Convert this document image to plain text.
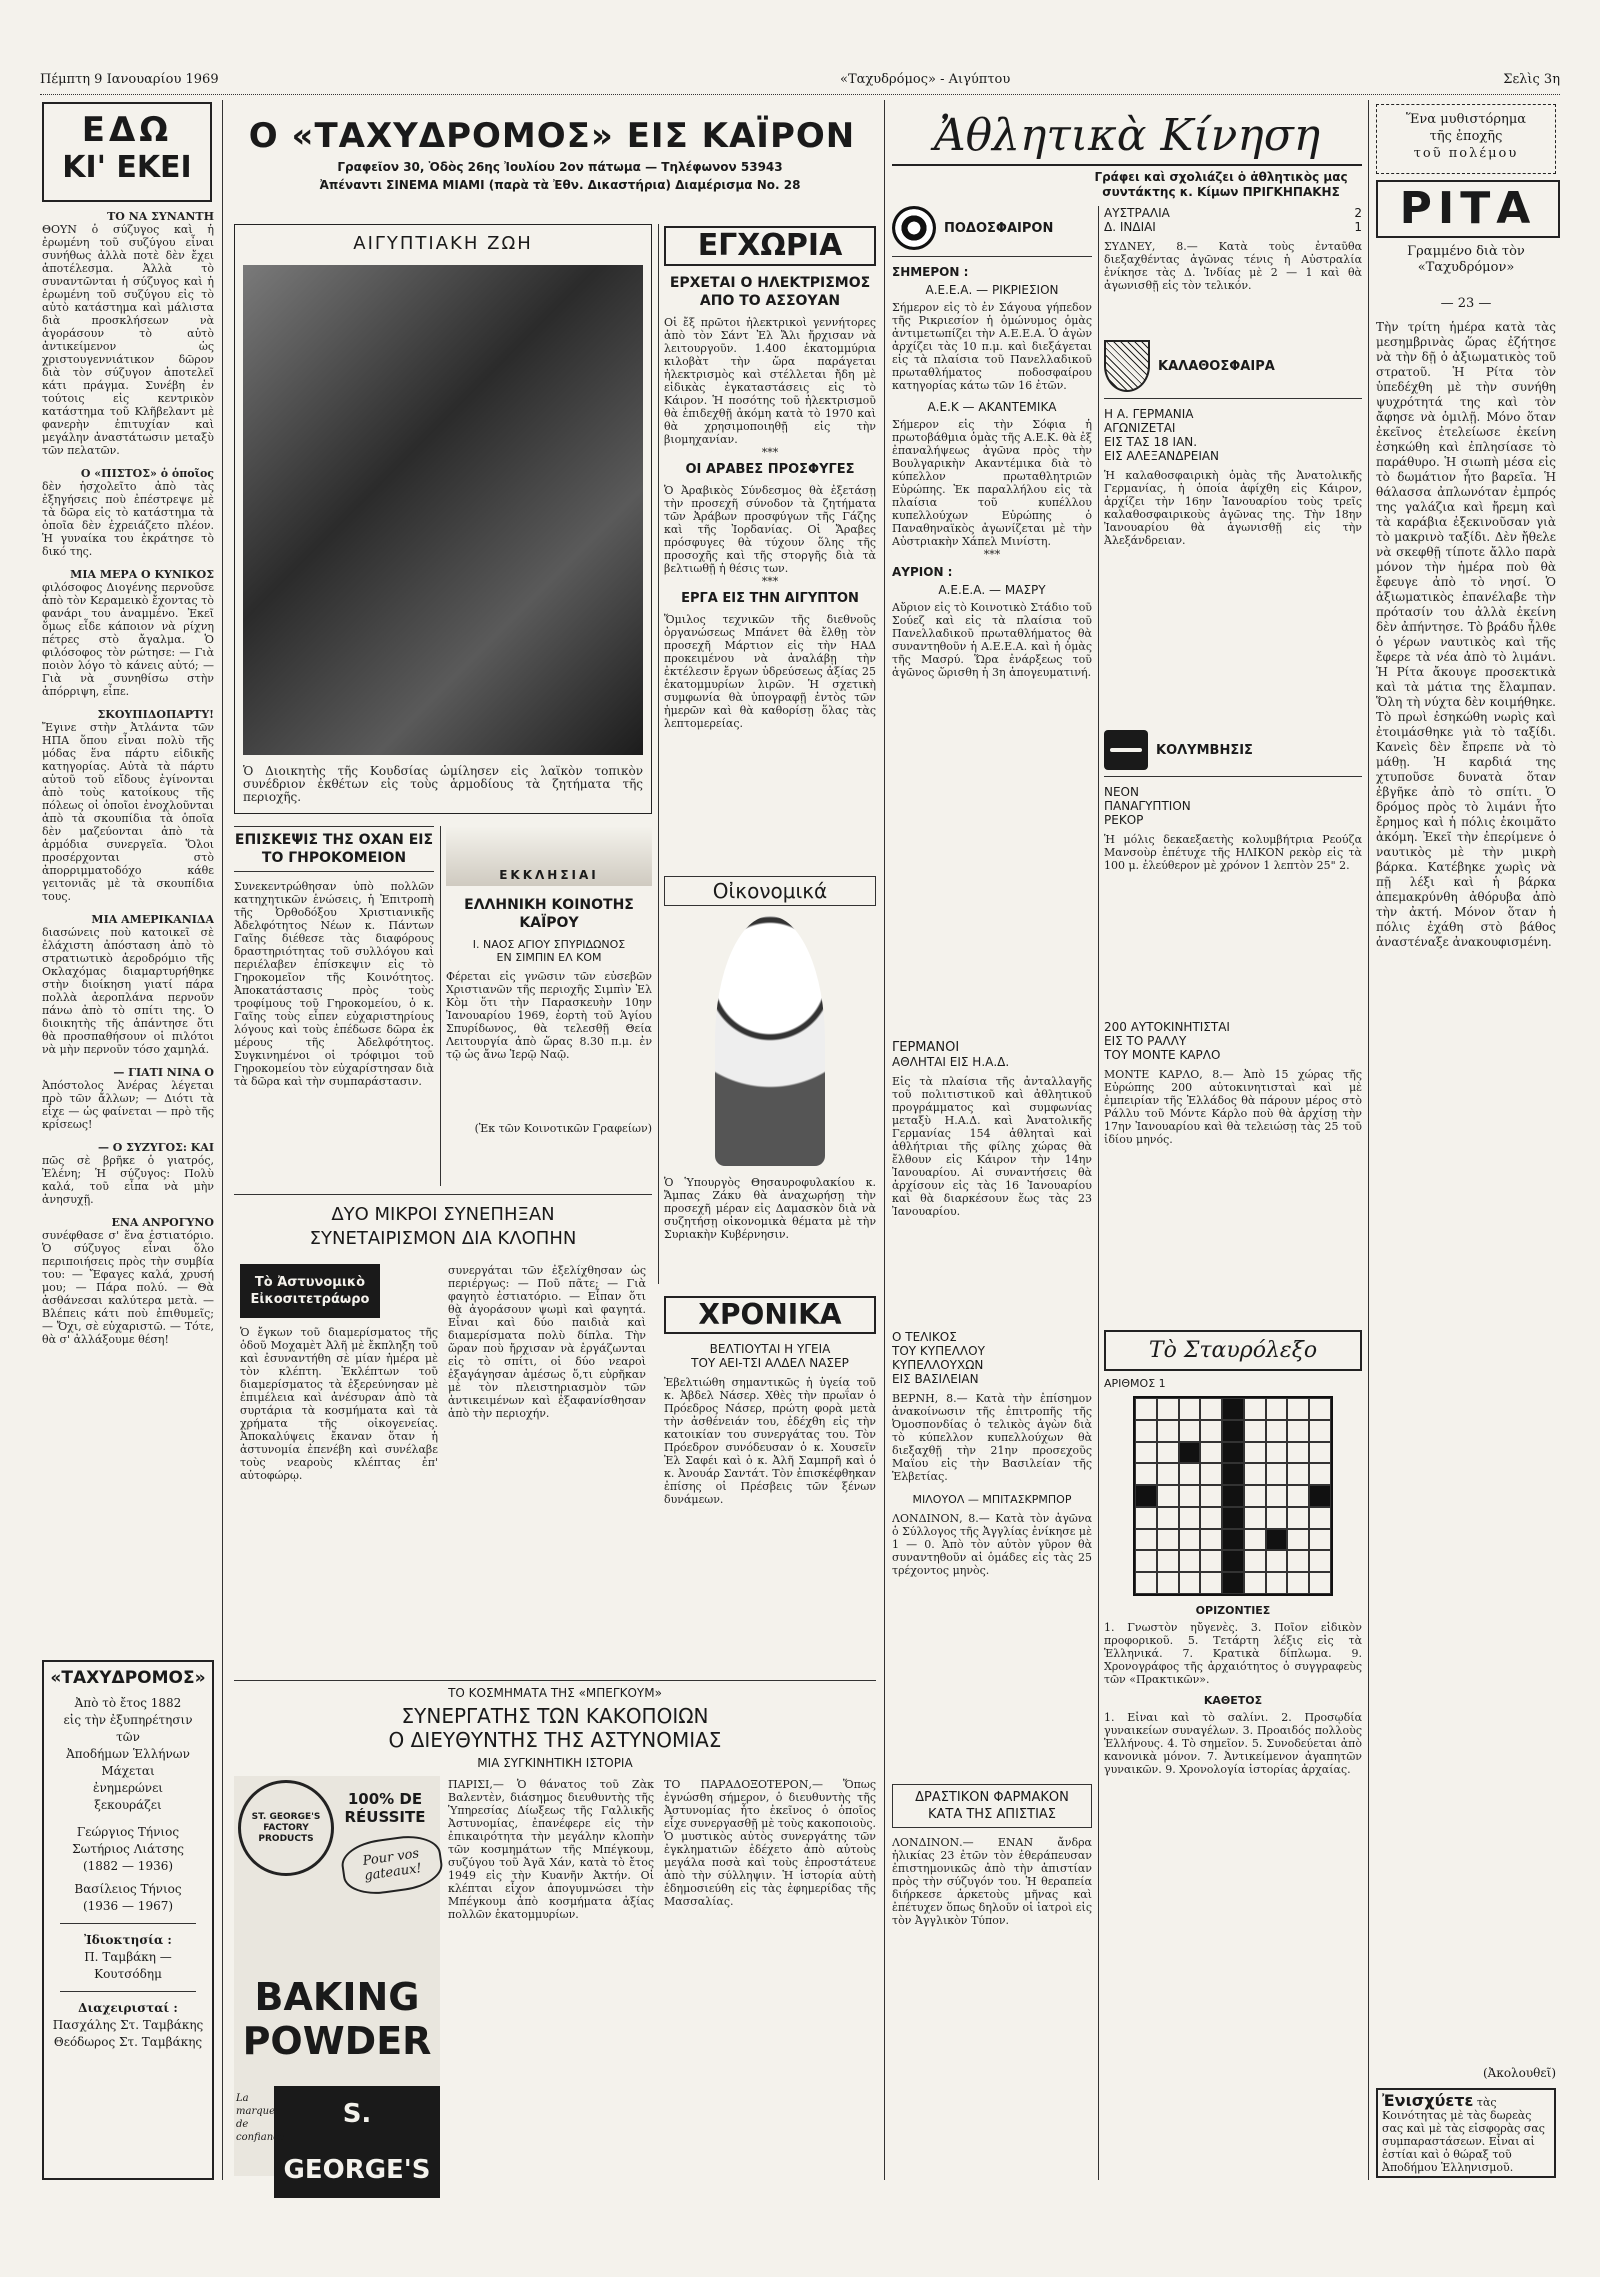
Πέμπτη 9 Ιανουαρίου 1969	«Ταχυδρόμος» - Αιγύπτου	Σελὶς 3η
ΕΔΩ
ΚΙ' ΕΚΕΙ
ΤΟ ΝΑ ΣΥΝΑΝΤΗ
ΘΟΥΝ ὁ σύζυγος καὶ ἡ ἐρωμένη τοῦ συζύγου εἶναι συνήθως ἀλλὰ ποτὲ δὲν ἔχει ἀποτέλεσμα. Ἀλλὰ τὸ συναντῶνται ἡ σύζυγος καὶ ἡ ἐρωμένη τοῦ συζύγου εἰς τὸ αὐτὸ κατάστημα καὶ μάλιστα διὰ προσκλήσεων νὰ ἀγοράσουν τὸ αὐτὸ ἀντικείμενον ὡς χριστουγεννιάτικον δῶρον διὰ τὸν σύζυγον ἀποτελεῖ κάτι πράγμα. Συνέβη ἐν τούτοις εἰς κεντρικὸν κατάστημα τοῦ Κλῆβελαντ μὲ φανερὴν ἐπιτυχίαν καὶ μεγάλην ἀναστάτωσιν μεταξὺ τῶν πελατῶν.
Ο «ΠΙΣΤΟΣ» ὁ ὁποῖος
δὲν ἠσχολεῖτο ἀπὸ τὰς ἐξηγήσεις ποὺ ἐπέστρεψε μὲ τὰ δῶρα εἰς τὸ κατάστημα τὰ ὁποῖα δὲν ἐχρειάζετο πλέον. Ἡ γυναίκα του ἐκράτησε τὸ δικό της.
ΜΙΑ ΜΕΡΑ Ο ΚΥΝΙΚΟΣ
φιλόσοφος Διογένης περνοῦσε ἀπὸ τὸν Κεραμεικὸ ἔχοντας τὸ φανάρι του ἀναμμένο. Ἐκεῖ ὅμως εἶδε κάποιον νὰ ρίχνη πέτρες στὸ ἄγαλμα. Ὁ φιλόσοφος τὸν ρώτησε: — Γιὰ ποιὸν λόγο τὸ κάνεις αὐτό; — Γιὰ νὰ συνηθίσω στὴν ἀπόρριψη, εἶπε.
ΣΚΟΥΠΙΔΟΠΑΡΤΥ!
Ἔγινε στὴν Ἀτλάντα τῶν ΗΠΑ ὅπου εἶναι πολὺ τῆς μόδας ἕνα πάρτυ εἰδικῆς κατηγορίας. Αὐτὰ τὰ πάρτυ αὐτοῦ τοῦ εἴδους ἐγίνονται ἀπὸ τοὺς κατοίκους τῆς πόλεως οἱ ὁποῖοι ἐνοχλοῦνται ἀπὸ τὰ σκουπίδια τὰ ὁποῖα δὲν μαζεύονται ἀπὸ τὰ ἁρμόδια συνεργεῖα. Ὅλοι προσέρχονται στὸ ἀπορριμματοδόχο κάθε γειτονιᾶς μὲ τὰ σκουπίδια τους.
ΜΙΑ ΑΜΕΡΙΚΑΝΙΔΑ
διασώνεις ποὺ κατοικεῖ σὲ ἐλάχιστη ἀπόσταση ἀπὸ τὸ στρατιωτικὸ ἀεροδρόμιο τῆς Οκλαχόμας διαμαρτυρήθηκε στὴν διοίκηση γιατί πάρα πολλὰ ἀεροπλάνα περνοῦν πάνω ἀπὸ τὸ σπίτι της. Ὁ διοικητὴς τῆς ἀπάντησε ὅτι θὰ προσπαθήσουν οἱ πιλότοι νὰ μὴν περνοῦν τόσο χαμηλά.
— ΓΙΑΤΙ ΝΙΝΑ Ο
Ἀπόστολος Ἀνέρας λέγεται πρὸ τῶν ἄλλων; — Διότι τὰ εἶχε — ὡς φαίνεται — πρὸ τῆς κρίσεως!
— Ο ΣΥΖΥΓΟΣ: ΚΑΙ
πῶς σὲ βρῆκε ὁ γιατρός, Ἐλένη; Ἡ σύζυγος: Πολὺ καλά, τοῦ εἶπα νὰ μὴν ἀνησυχῇ.
ΕΝΑ ΑΝΡΟΓΥΝΟ
συνέφθασε σ' ἕνα ἑστιατόριο. Ὁ σύζυγος εἶναι ὅλο περιποιήσεις πρὸς τὴν συμβία του: — Ἔφαγες καλά, χρυσή μου; — Πάρα πολύ. — Θὰ ἀσθάνεσαι καλύτερα μετὰ. — Βλέπεις κάτι ποὺ ἐπιθυμεῖς; — Ὄχι, σὲ εὐχαριστῶ. — Τότε, θὰ σ' ἀλλάξουμε θέση!
«ΤΑΧΥΔΡΟΜΟΣ»
Ἀπὸ τὸ ἔτος 1882
εἰς τὴν ἐξυπηρέτησιν τῶν
Ἀποδήμων Ἑλλήνων
Μάχεται
ἐνημερώνει
ξεκουράζει
Γεώργιος Τήνιος
Σωτήριος Λιάτσης
(1882 — 1936)
Βασίλειος Τήνιος
(1936 — 1967)
Ἰδιοκτησία :
Π. Ταμβάκη — Κουτσόδημ
Διαχειρισταί :
Πασχάλης Στ. Ταμβάκης
Θεόδωρος Στ. Ταμβάκης
Ο «ΤΑΧΥΔΡΟΜΟΣ» ΕΙΣ ΚΑΪΡΟΝ
Γραφεῖον 30, Ὁδὸς 26ης Ἰουλίου 2ον πάτωμα — Τηλέφωνον 53943
Ἀπέναντι ΣΙΝΕΜΑ ΜΙΑΜΙ (παρὰ τὰ Ἐθν. Δικαστήρια) Διαμέρισμα No. 28
ΑΙΓΥΠΤΙΑΚΗ ΖΩΗ
Ὁ Διοικητὴς τῆς Κουδσίας ὡμίλησεν εἰς λαϊκὸν τοπικὸν συνέδριον ἐκθέτων εἰς τοὺς ἁρμοδίους τὰ ζητήματα τῆς περιοχῆς.
ΕΠΙΣΚΕΨΙΣ ΤΗΣ ΟΧΑΝ ΕΙΣ ΤΟ ΓΗΡΟΚΟΜΕΙΟΝ
Συνεκεντρώθησαν ὑπὸ πολλῶν κατηχητικῶν ἑνώσεις, ἡ Ἐπιτροπὴ τῆς Ὀρθοδόξου Χριστιανικῆς Ἀδελφότητος Νέων κ. Πάντων Γαῖης διέθεσε τὰς διαφόρους δραστηριότητας τοῦ συλλόγου καὶ περιέλαβεν ἐπίσκεψιν εἰς τὸ Γηροκομεῖον τῆς Κοινότητος. Ἀποκατάστασις πρὸς τοὺς τροφίμους τοῦ Γηροκομείου, ὁ κ. Γαῖης τοὺς εἶπεν εὐχαριστηρίους λόγους καὶ τοὺς ἐπέδωσε δῶρα ἐκ μέρους τῆς Ἀδελφότητος. Συγκινημένοι οἱ τρόφιμοι τοῦ Γηροκομείου τὸν εὐχαρίστησαν διὰ τὰ δῶρα καὶ τὴν συμπαράστασιν.
ΕΚΚΛΗΣΙΑΙ
ΕΛΛΗΝΙΚΗ ΚΟΙΝΟΤΗΣ ΚΑΪΡΟΥ
Ι. ΝΑΟΣ ΑΓΙΟΥ ΣΠΥΡΙΔΩΝΟΣ
ΕΝ ΣΙΜΠΙΝ ΕΛ ΚΟΜ
Φέρεται εἰς γνῶσιν τῶν εὐσεβῶν Χριστιανῶν τῆς περιοχῆς Σιμπὶν Ἐλ Κὸμ ὅτι τὴν Παρασκευὴν 10ην Ἰανουαρίου 1969, ἑορτὴ τοῦ Ἁγίου Σπυρίδωνος, θὰ τελεσθῇ Θεία Λειτουργία ἀπὸ ὥρας 8.30 π.μ. ἐν τῷ ὡς ἄνω Ἱερῷ Ναῷ.
(Ἐκ τῶν Κοινοτικῶν Γραφείων)
ΕΓΧΩΡΙΑ
ΕΡΧΕΤΑΙ Ο ΗΛΕΚΤΡΙΣΜΟΣ ΑΠΟ ΤΟ ΑΣΣΟΥΑΝ
Οἱ ἔξ πρῶτοι ἠλεκτρικοὶ γεννήτορες ἀπὸ τὸν Σάντ Ἐλ Ἄλι ἤρχισαν νὰ λειτουργοῦν. 1.400 ἑκατομμύρια κιλοβὰτ τὴν ὥρα παράγεται ἠλεκτρισμὸς καὶ στέλλεται ἤδη μὲ εἰδικὰς ἐγκαταστάσεις εἰς τὸ Κάιρον. Ἡ ποσότης τοῦ ἠλεκτρισμοῦ θὰ ἐπιδεχθῇ ἀκόμη κατὰ τὸ 1970 καὶ θὰ χρησιμοποιηθῇ εἰς τὴν βιομηχανίαν.
***
ΟΙ ΑΡΑΒΕΣ ΠΡΟΣΦΥΓΕΣ
Ὁ Ἀραβικὸς Σύνδεσμος θὰ ἐξετάσῃ τὴν προσεχῆ σύνοδον τὰ ζητήματα τῶν Ἀράβων προσφύγων τῆς Γάζης καὶ τῆς Ἰορδανίας. Οἱ Ἄραβες πρόσφυγες θὰ τύχουν ὅλης τῆς προσοχῆς καὶ τῆς στοργῆς διὰ τὰ βελτιωθῇ ἡ θέσις των.
***
ΕΡΓΑ ΕΙΣ ΤΗΝ ΑΙΓΥΠΤΟΝ
Ὅμιλος τεχνικῶν τῆς διεθνοῦς ὀργανώσεως Μπάνετ θὰ ἔλθῃ τὸν προσεχῆ Μάρτιον εἰς τὴν ΗΑΔ προκειμένου νὰ ἀναλάβῃ τὴν ἐκτέλεσιν ἔργων ὑδρεύσεως ἀξίας 25 ἑκατομμυρίων λιρῶν. Ἡ σχετικὴ συμφωνία θὰ ὑπογραφῇ ἐντὸς τῶν ἡμερῶν καὶ θὰ καθορίσῃ ὅλας τὰς λεπτομερείας.
Οἰκονομικά
Ὁ Ὑπουργὸς Θησαυροφυλακίου κ. Ἄμπας Ζάκυ θὰ ἀναχωρήσῃ τὴν προσεχῆ μέραν εἰς Δαμασκὸν διὰ νὰ συζητήσῃ οἰκονομικὰ θέματα μὲ τὴν Συριακὴν Κυβέρνησιν.
ΧΡΟΝΙΚΑ
ΒΕΛΤΙΟΥΤΑΙ Η ΥΓΕΙΑ
ΤΟΥ ΑΕΙ-ΤΣΙ ΑΛΔΕΛ ΝΑΣΕΡ
Ἐβελτιώθη σημαντικῶς ἡ ὑγεία τοῦ κ. Ἀβδελ Νάσερ. Χθὲς τὴν πρωΐαν ὁ Πρόεδρος Νάσερ, πρώτη φορὰ μετὰ τὴν ἀσθένειάν του, ἐδέχθη εἰς τὴν κατοικίαν του συνεργάτας του. Τὸν Πρόεδρον συνόδευσαν ὁ κ. Χουσεῖν Ἐλ Σαφέι καὶ ὁ κ. Ἀλῆ Σαμπρῆ καὶ ὁ κ. Ἀνουάρ Σαντάτ. Τὸν ἐπισκέφθηκαν ἐπίσης οἱ Πρέσβεις τῶν ξένων δυνάμεων.
ΔΥΟ ΜΙΚΡΟΙ ΣΥΝΕΠΗΞΑΝ
ΣΥΝΕΤΑΙΡΙΣΜΟΝ ΔΙΑ ΚΛΟΠΗΝ
Τὸ Ἀστυνομικὸ Εἰκοσιτετράωρο
Ὁ ἔγκων τοῦ διαμερίσματος τῆς ὁδοῦ Μοχαμὲτ Ἀλῆ μὲ ἔκπληξη τοῦ καὶ ἐσυναντήθη σὲ μίαν ἡμέρα μὲ τὸν κλέπτη. Ἐκλέπτων τοῦ διαμερίσματος τὰ ἐξερεύνησαν μὲ ἐπιμέλεια καὶ ἀνέσυραν ἀπὸ τὰ συρτάρια τὰ κοσμήματα καὶ τὰ χρήματα τῆς οἰκογενείας. Ἀποκαλύψεις ἔκαναν ὅταν ἡ ἀστυνομία ἐπενέβη καὶ συνέλαβε τοὺς νεαροὺς κλέπτας ἐπ' αὐτοφώρῳ.
συνεργάται τῶν ἐξελίχθησαν ὡς περιέργως: — Ποῦ πᾶτε; — Γιὰ φαγητὸ ἐστιατόριο. — Εἶπαν ὅτι θὰ ἀγοράσουν ψωμὶ καὶ φαγητά. Εἶναι καὶ δύο παιδιὰ καὶ διαμερίσματα πολὺ δίπλα. Τὴν ὥραν ποὺ ἤρχισαν νὰ ἐργάζωνται εἰς τὸ σπίτι, οἱ δύο νεαροὶ ἐξαγάγησαν ἀμέσως ὅ,τι εὑρῆκαν μὲ τὸν πλειστηριασμὸν τῶν ἀντικειμένων καὶ ἐξαφανίσθησαν ἀπὸ τὴν περιοχήν.
ΤΟ ΚΟΣΜΗΜΑΤΑ ΤΗΣ «ΜΠΕΓΚΟΥΜ»
ΣΥΝΕΡΓΑΤΗΣ ΤΩΝ ΚΑΚΟΠΟΙΩΝ
Ο ΔΙΕΥΘΥΝΤΗΣ ΤΗΣ ΑΣΤΥΝΟΜΙΑΣ
ΜΙΑ ΣΥΓΚΙΝΗΤΙΚΗ ΙΣΤΟΡΙΑ
ΠΑΡΙΣΙ,— Ὁ θάνατος τοῦ Ζὰκ Βαλεντὲν, διάσημος διευθυντὴς τῆς Ὑπηρεσίας Δίωξεως τῆς Γαλλικῆς Ἀστυνομίας, ἐπανέφερε εἰς τὴν ἐπικαιρότητα τὴν μεγάλην κλοπὴν τῶν κοσμημάτων τῆς Μπέγκουμ, συζύγου τοῦ Ἀγᾶ Χάν, κατὰ τὸ ἔτος 1949 εἰς τὴν Κυανῆν Ἀκτήν. Οἱ κλέπται εἶχον ἀπογυμνώσει τὴν Μπέγκουμ ἀπὸ κοσμήματα ἀξίας πολλῶν ἑκατομμυρίων.
ΤΟ ΠΑΡΑΔΟΞΟΤΕΡΟΝ,— Ὅπως ἐγνώσθη σήμερον, ὁ διευθυντὴς τῆς Ἀστυνομίας ἦτο ἐκεῖνος ὁ ὁποῖος εἶχε συνεργασθῇ μὲ τοὺς κακοποιοὺς. Ὁ μυστικὸς αὐτὸς συνεργάτης τῶν ἐγκληματιῶν ἐδέχετο ἀπὸ αὐτοὺς μεγάλα ποσὰ καὶ τοὺς ἐπροστάτευε ἀπὸ τὴν σύλληψιν. Ἡ ἱστορία αὐτὴ ἐδημοσιεύθη εἰς τὰς ἐφημερίδας τῆς Μασσαλίας.
ST. GEORGE'S FACTORY PRODUCTS
100% DE RÉUSSITE
Pour vos gateaux!
BAKING
POWDER
S. GEORGE'S
La marque de confiance
Ἀθλητικὰ Κίνηση
Γράφει καὶ σχολιάζει ὁ ἀθλητικὸς μας συντάκτης κ. Κίμων ΠΡΙΓΚΗΠΑΚΗΣ
ΠΟΔΟΣΦΑΙΡΟΝ
ΣΗΜΕΡΟΝ :
Α.Ε.Ε.Α. — ΡΙΚΡΙΕΣΙΟΝ
Σήμερον εἰς τὸ ἐν Σάγουα γήπεδον τῆς Ρικριεσίον ἡ ὁμώνυμος ὁμὰς ἀντιμετωπίζει τὴν Α.Ε.Ε.Α. Ὁ ἀγὼν ἀρχίζει τὰς 10 π.μ. καὶ διεξάγεται εἰς τὰ πλαίσια τοῦ Πανελλαδικοῦ πρωταθλήματος ποδοσφαίρου κατηγορίας κάτω τῶν 16 ἐτῶν.
Α.Ε.Κ — ΑΚΑΝΤΕΜΙΚΑ
Σήμερον εἰς τὴν Σόφια ἡ πρωτοβάθμια ὁμὰς τῆς Α.Ε.Κ. θὰ ἐξ ἐπαναλήψεως ἀγῶνα πρὸς τὴν Βουλγαρικὴν Ακαντέμικα διὰ τὸ κύπελλον πρωταθλητριῶν Εὐρώπης. Ἐκ παραλλήλου εἰς τὰ πλαίσια τοῦ κυπέλλου κυπελλούχων Εὐρώπης ὁ Παναθηναϊκὸς ἀγωνίζεται μὲ τὴν Αὐστριακὴν Χάπελ Μινίστη.
***
ΑΥΡΙΟΝ :
Α.Ε.Ε.Α. — ΜΑΣΡΥ
Αὔριον εἰς τὸ Κοινοτικὸ Στάδιο τοῦ Σούεζ καὶ εἰς τὰ πλαίσια τοῦ Πανελλαδικοῦ πρωταθλήματος θὰ συναντηθοῦν ἡ Α.Ε.Ε.Α. καὶ ἡ ὁμὰς τῆς Μασρύ. Ὥρα ἐνάρξεως τοῦ ἀγῶνος ὥρισθη ἡ 3η ἀπογευματινή.
ΓΕΡΜΑΝΟΙ
ΑΘΛΗΤΑΙ ΕΙΣ Η.Α.Δ.
Εἰς τὰ πλαίσια τῆς ἀνταλλαγῆς τοῦ πολιτιστικοῦ καὶ ἀθλητικοῦ προγράμματος καὶ συμφωνίας μεταξὺ Η.Α.Δ. καὶ Ἀνατολικῆς Γερμανίας 154 ἀθληταὶ καὶ ἀθλήτριαι τῆς φίλης χώρας θὰ ἔλθουν εἰς Κάιρον τὴν 14ην Ἰανουαρίου. Αἱ συναντήσεις θὰ ἀρχίσουν εἰς τὰς 16 Ἰανουαρίου καὶ θὰ διαρκέσουν ἕως τὰς 23 Ἰανουαρίου.
Ο ΤΕΛΙΚΟΣ
ΤΟΥ ΚΥΠΕΛΛΟΥ
ΚΥΠΕΛΛΟΥΧΩΝ
ΕΙΣ ΒΑΣΙΛΕΙΑΝ
ΒΕΡΝΗ, 8.— Κατὰ τὴν ἐπίσημον ἀνακοίνωσιν τῆς ἐπιτροπῆς τῆς Ὀμοσπονδίας ὁ τελικὸς ἀγὼν διὰ τὸ κύπελλον κυπελλούχων θὰ διεξαχθῇ τὴν 21ην προσεχοῦς Μαΐου εἰς τὴν Βασιλείαν τῆς Ἑλβετίας.
ΜΙΛΟΥΟΛ — ΜΠΙΤΑΣΚΡΜΠΟΡ
ΛΟΝΔΙΝΟΝ, 8.— Κατὰ τὸν ἀγῶνα ὁ Σύλλογος τῆς Ἀγγλίας ἐνίκησε μὲ 1 — 0. Ἀπὸ τὸν αὐτὸν γῦρον θὰ συναντηθοῦν αἱ ὁμάδες εἰς τὰς 25 τρέχοντος μηνὸς.
ΔΡΑΣΤΙΚΟΝ ΦΑΡΜΑΚΟΝ ΚΑΤΑ ΤΗΣ ΑΠΙΣΤΙΑΣ
ΛΟΝΔΙΝΟΝ.— ΕΝΑΝ ἄνδρα ἡλικίας 23 ἐτῶν τὸν ἐθεράπευσαν ἐπιστημονικῶς ἀπὸ τὴν ἀπιστίαν πρὸς τὴν σύζυγόν του. Ἡ θεραπεία διήρκεσε ἀρκετοὺς μῆνας καὶ ἐπέτυχεν ὅπως δηλοῦν οἱ ἰατροὶ εἰς τὸν Ἀγγλικὸν Τύπον.
ΑΥΣΤΡΑΛΙΑ	2
Δ. ΙΝΔΙΑΙ	1
ΣΥΔΝΕΥ, 8.— Κατὰ τοὺς ἐνταῦθα διεξαχθέντας ἀγῶνας τένις ἡ Αὐστραλία ἐνίκησε τὰς Δ. Ἰνδίας μὲ 2 — 1 καὶ θὰ ἀγωνισθῇ εἰς τὸν τελικόν.
ΚΑΛΑΘΟΣΦΑΙΡΑ
Η Α. ΓΕΡΜΑΝΙΑ
ΑΓΩΝΙΖΕΤΑΙ
ΕΙΣ ΤΑΣ 18 ΙΑΝ.
ΕΙΣ ΑΛΕΞΑΝΔΡΕΙΑΝ
Ἡ καλαθοσφαιρικὴ ὁμὰς τῆς Ἀνατολικῆς Γερμανίας, ἡ ὁποία ἀφίχθη εἰς Κάιρον, ἀρχίζει τὴν 16ην Ἰανουαρίου τοὺς τρεῖς καλαθοσφαιρικοὺς ἀγῶνας της. Τὴν 18ην Ἰανουαρίου θὰ ἀγωνισθῇ εἰς τὴν Ἀλεξάνδρειαν.
ΚΟΛΥΜΒΗΣΙΣ
ΝΕΟΝ
ΠΑΝΑΓΥΠΤΙΟΝ
ΡΕΚΟΡ
Ἡ μόλις δεκαεξαετὴς κολυμβήτρια Ρεούζα Μανσοὺρ ἐπέτυχε τῆς ΗΛΙΚΟΝ ρεκὸρ εἰς τὰ 100 μ. ἐλεύθερον μὲ χρόνον 1 λεπτὸν 25" 2.
200 ΑΥΤΟΚΙΝΗΤΙΣΤΑΙ
ΕΙΣ ΤΟ ΡΑΛΛΥ
ΤΟΥ ΜΟΝΤΕ ΚΑΡΛΟ
ΜΟΝΤΕ ΚΑΡΛΟ, 8.— Ἀπὸ 15 χώρας τῆς Εὐρώπης 200 αὐτοκινητισταὶ καὶ μὲ ἐμπειρίαν τῆς Ἑλλάδος θὰ πάρουν μέρος στὸ Ράλλυ τοῦ Μόντε Κάρλο ποὺ θὰ ἀρχίσῃ τὴν 17ην Ἰανουαρίου καὶ θὰ τελειώσῃ τὰς 25 τοῦ ἰδίου μηνός.
Τὸ Σταυρόλεξο
ΑΡΙΘΜΟΣ 1
ΟΡΙΖΟΝΤΙΕΣ
1. Γνωστὸν ηὔγενὲς. 3. Ποῖον εἰδικὸν προφορικοῦ. 5. Τετάρτη λέξις εἰς τὰ Ἑλληνικά. 7. Κρατικὰ δίπλωμα. 9. Χρονογράφος τῆς ἀρχαιότητος ὁ συγγραφεὺς τῶν «Πρακτικῶν».
ΚΑΘΕΤΟΣ
1. Εἶναι καὶ τὸ σαλίνι. 2. Προσῳδία γυναικείων συναγέλων. 3. Προαιδός πολλοὺς Ἑλλήνους. 4. Τὸ σημεῖον. 5. Συνοδεύεται ἀπὸ κανονικὰ μόνον. 7. Ἀντικείμενον ἀγαπητῶν γυναικῶν. 9. Χρονολογία ἱστορίας ἀρχαίας.
Ἕνα μυθιστόρημα
τῆς ἐποχῆς
τοῦ πολέμου
ΡΙΤΑ
Γραμμένο διὰ τὸν «Ταχυδρόμον»
— 23 —
Τὴν τρίτη ἡμέρα κατὰ τὰς μεσημβρινὰς ὥρας ἐζήτησε νὰ τὴν δῇ ὁ ἀξιωματικὸς τοῦ στρατοῦ. Ἡ Ρίτα τὸν ὑπεδέχθη μὲ τὴν συνήθη ψυχρότητά της καὶ τὸν ἄφησε νὰ ὁμιλῇ. Μόνο ὅταν ἐκεῖνος ἐτελείωσε ἐκείνη ἐσηκώθη καὶ ἐπλησίασε τὸ παράθυρο. Ἡ σιωπὴ μέσα εἰς τὸ δωμάτιον ἦτο βαρεῖα. Ἡ θάλασσα ἀπλωνόταν ἐμπρός της γαλάζια καὶ ἤρεμη καὶ τὰ καράβια ἐξεκινοῦσαν γιὰ τὸ μακρινὸ ταξίδι. Δὲν ἤθελε νὰ σκεφθῇ τίποτε ἄλλο παρὰ μόνον τὴν ἡμέρα ποὺ θὰ ἔφευγε ἀπὸ τὸ νησί. Ὁ ἀξιωματικὸς ἐπανέλαβε τὴν πρότασίν του ἀλλὰ ἐκείνη δὲν ἀπήντησε. Τὸ βράδυ ἦλθε ὁ γέρων ναυτικὸς καὶ τῆς ἔφερε τὰ νέα ἀπὸ τὸ λιμάνι. Ἡ Ρίτα ἄκουγε προσεκτικὰ καὶ τὰ μάτια της ἔλαμπαν. Ὅλη τὴ νύχτα δὲν κοιμήθηκε. Τὸ πρωὶ ἐσηκώθη νωρὶς καὶ ἐτοιμάσθηκε γιὰ τὸ ταξίδι. Κανεὶς δὲν ἔπρεπε νὰ τὸ μάθῃ. Ἡ καρδιά της χτυποῦσε δυνατὰ ὅταν ἐβγῆκε ἀπὸ τὸ σπίτι. Ὁ δρόμος πρὸς τὸ λιμάνι ἦτο ἔρημος καὶ ἡ πόλις ἐκοιμᾶτο ἀκόμη. Ἐκεῖ τὴν ἐπερίμενε ὁ ναυτικὸς μὲ τὴν μικρὴ βάρκα. Κατέβηκε χωρὶς νὰ πῇ λέξι καὶ ἡ βάρκα ἀπεμακρύνθη ἀθόρυβα ἀπὸ τὴν ἀκτή. Μόνον ὅταν ἡ πόλις ἐχάθη στὸ βάθος ἀναστέναξε ἀνακουφισμένη.
(Ἀκολουθεῖ)
Ἐνισχύετε τὰς Κοινότητας μὲ τὰς δωρεὰς σας καὶ μὲ τὰς εἰσφορὰς σας συμπαραστάσεων. Εἶναι αἱ ἐστίαι καὶ ὁ θώραξ τοῦ Ἀποδήμου Ἑλληνισμοῦ.
